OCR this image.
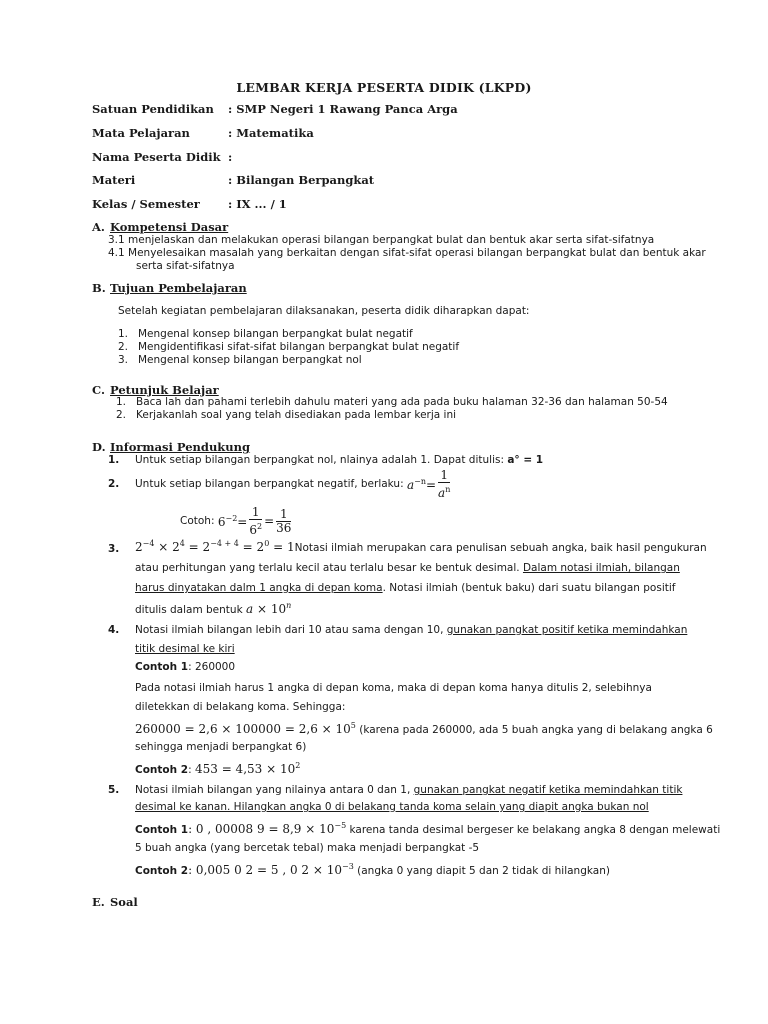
LEMBAR KERJA PESERTA DIDIK (LKPD)
Satuan Pendidikan : SMP Negeri 1 Rawang Panca Arga
Mata Pelajaran	: Matematika
Nama Peserta Didik :
Materi	: Bilangan Berpangkat
Kelas / Semester : IX ... / 1
A. Kompetensi Dasar
3.1 menjelaskan dan melakukan operasi bilangan berpangkat bulat dan bentuk akar serta sifat-sifatnya
4.1 Menyelesaikan masalah yang berkaitan dengan sifat-sifat operasi bilangan berpangkat bulat dan bentuk akar
serta sifat-sifatnya
B. Tujuan Pembelajaran
Setelah kegiatan pembelajaran dilaksanakan, peserta didik diharapkan dapat:
1. Mengenal konsep bilangan berpangkat bulat negatif
2. Mengidentifikasi sifat-sifat bilangan berpangkat bulat negatif
3. Mengenal konsep bilangan berpangkat nol
C. Petunjuk Belajar
1. Baca lah dan pahami terlebih dahulu materi yang ada pada buku halaman 32-36 dan halaman 50-54
2. Kerjakanlah soal yang telah disediakan pada lembar kerja ini
D. Informasi Pendukung
1. Untuk setiap bilangan berpangkat nol, nlainya adalah 1. Dapat ditulis: a° = 1
2. Untuk setiap bilangan berpangkat negatif, berlaku:
$a^{-n}= \frac{1}{a^n}$
Cotoh:
$6^{-2}= \frac{1}{6^2} = \frac{1}{36}$
3. $2^{-4} \times 2^4 = 2^{-4 + 4} = 2^0$ = 1Notasi ilmiah merupakan cara penulisan sebuah angka, baik hasil pengukuran
atau perhitungan yang terlalu kecil atau terlalu besar ke bentuk desimal. Dalam notasi ilmiah, bilangan
harus dinyatakan dalm 1 angka di depan koma. Notasi ilmiah (bentuk baku) dari suatu bilangan positif
ditulis dalam bentuk $a \times 10^n$
4. Notasi ilmiah bilangan lebih dari 10 atau sama dengan 10, gunakan pangkat positif ketika memindahkan
titik desimal ke kiri
Contoh 1: 260000
Pada notasi ilmiah harus 1 angka di depan koma, maka di depan koma hanya ditulis 2, selebihnya
diletekkan di belakang koma. Sehingga:
$260000 = 2,6 \times 100000 = 2,6 \times 10^5$ (karena pada 260000, ada 5 buah angka yang di belakang angka 6
sehingga menjadi berpangkat 6)
Contoh 2: $453 = 4,53 \times 10^2$
5. Notasi ilmiah bilangan yang nilainya antara 0 dan 1, gunakan pangkat negatif ketika memindahkan titik
desimal ke kanan. Hilangkan angka 0 di belakang tanda koma selain yang diapit angka bukan nol
Contoh 1: 0 , 00008 $9 = 8,9 \times 10^{-5}$ karena tanda desimal bergeser ke belakang angka 8 dengan melewati
5 buah angka (yang bercetak tebal) maka menjadi berpangkat -5
Contoh 2: 0,005 0 2 = 5 , 0 $2 \times 10^{-3}$ (angka 0 yang diapit 5 dan 2 tidak di hilangkan)
E. Soal
